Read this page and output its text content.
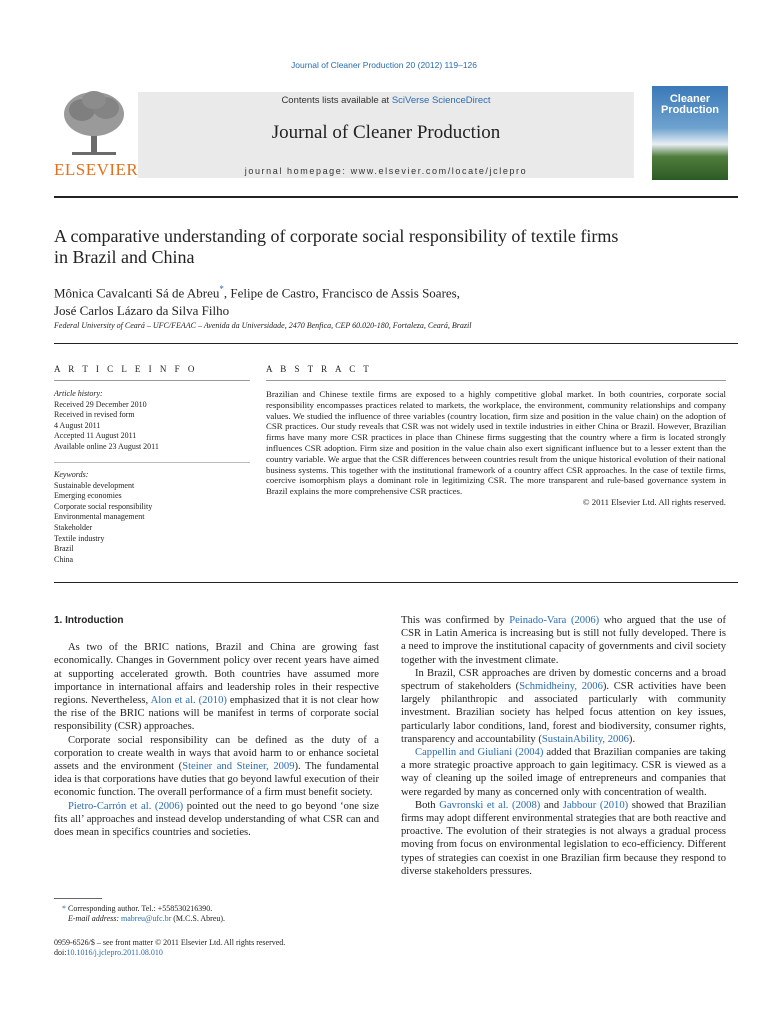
Journal of Cleaner Production 20 (2012) 119–126
ELSEVIER
Contents lists available at SciVerse ScienceDirect
Journal of Cleaner Production
journal homepage: www.elsevier.com/locate/jclepro
Cleaner
Production
A comparative understanding of corporate social responsibility of textile firms
in Brazil and China
Mônica Cavalcanti Sá de Abreu*, Felipe de Castro, Francisco de Assis Soares,
José Carlos Lázaro da Silva Filho
Federal University of Ceará – UFC/FEAAC – Avenida da Universidade, 2470 Benfica, CEP 60.020-180, Fortaleza, Ceará, Brazil
A R T I C L E I N F O
Article history:
Received 29 December 2010
Received in revised form
4 August 2011
Accepted 11 August 2011
Available online 23 August 2011
Keywords:
Sustainable development
Emerging economies
Corporate social responsibility
Environmental management
Stakeholder
Textile industry
Brazil
China
A B S T R A C T
Brazilian and Chinese textile firms are exposed to a highly competitive global market. In both countries, corporate social responsibility encompasses practices related to markets, the workplace, the environment, community relationships and company values. We studied the influence of three variables (country location, firm size and position in the value chain) on the adoption of CSR practices. Our study reveals that CSR was not widely used in textile industries in either China or Brazil. However, Brazilian firms have many more CSR practices in place than Chinese firms suggesting that the country where a firm is located strongly influences CSR adoption. Firm size and position in the value chain also exert significant influence but to a lesser extent than the country variable. We argue that the CSR differences between countries result from the unique historical evolution of their national business systems. This together with the institutional framework of a country affect CSR approaches. In the case of textile firms, coercive isomorphism plays a dominant role in legitimizing CSR. The more transparent and rule-based governance system in Brazil explains the more comprehensive CSR practices.
© 2011 Elsevier Ltd. All rights reserved.
1. Introduction

As two of the BRIC nations, Brazil and China are growing fast economically. Changes in Government policy over recent years have aimed at supporting accelerated growth. Both countries have assumed more importance in international affairs and leadership roles in their respective regions. Nevertheless, Alon et al. (2010) emphasized that it is not clear how the rise of the BRIC nations will be manifest in terms of corporate social responsibility (CSR) approaches.

Corporate social responsibility can be defined as the duty of a corporation to create wealth in ways that avoid harm to or enhance societal assets and the environment (Steiner and Steiner, 2009). The fundamental idea is that corporations have duties that go beyond lawful execution of their economic function. The overall performance of a firm must benefit society.

Pietro-Carrón et al. (2006) pointed out the need to go beyond ‘one size fits all’ approaches and instead develop understanding of what CSR can and does mean in specifics countries and societies.

* Corresponding author. Tel.: +558530216390.
E-mail address: mabreu@ufc.br (M.C.S. Abreu).
0959-6526/$ – see front matter © 2011 Elsevier Ltd. All rights reserved.
doi:10.1016/j.jclepro.2011.08.010

This was confirmed by Peinado-Vara (2006) who argued that the use of CSR in Latin America is increasing but is still not fully developed. There is a need to improve the institutional capacity of governments and civil society together with the investment climate.

In Brazil, CSR approaches are driven by domestic concerns and a broad spectrum of stakeholders (Schmidheiny, 2006). CSR activities have been largely philanthropic and associated particularly with community investment. Brazilian society has helped focus attention on key issues, particularly labor conditions, land, forest and biodiversity, consumer rights, transparency and accountability (SustainAbility, 2006).

Cappellin and Giuliani (2004) added that Brazilian companies are taking a more strategic proactive approach to gain legitimacy. CSR is viewed as a way of cleaning up the soiled image of entrepreneurs and companies that were regarded by many as concerned only with concentration of wealth.

Both Gavronski et al. (2008) and Jabbour (2010) showed that Brazilian firms may adopt different environmental strategies that are both reactive and proactive. The evolution of their strategies is not always a gradual process moving from focus on environmental legislation to eco-efficiency. Different types of strategies can coexist in one Brazilian firm because they respond to diverse stakeholders pressures.
